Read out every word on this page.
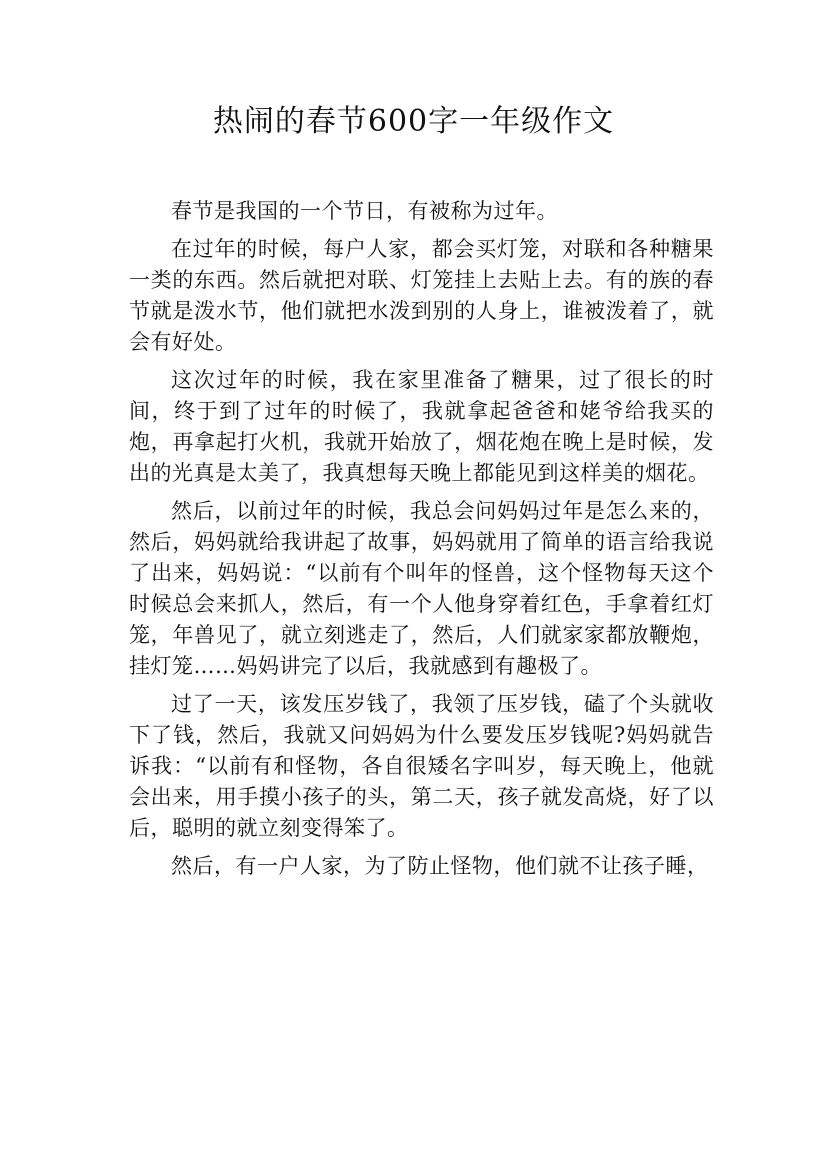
热闹的春节600字一年级作文

春节是我国的一个节日，有被称为过年。

在过年的时候，每户人家，都会买灯笼，对联和各种糖果一类的东西。然后就把对联、灯笼挂上去贴上去。有的族的春节就是泼水节，他们就把水泼到别的人身上，谁被泼着了，就会有好处。

这次过年的时候，我在家里准备了糖果，过了很长的时间，终于到了过年的时候了，我就拿起爸爸和姥爷给我买的炮，再拿起打火机，我就开始放了，烟花炮在晚上是时候，发出的光真是太美了，我真想每天晚上都能见到这样美的烟花。

然后，以前过年的时候，我总会问妈妈过年是怎么来的，然后，妈妈就给我讲起了故事，妈妈就用了简单的语言给我说了出来，妈妈说：“以前有个叫年的怪兽，这个怪物每天这个时候总会来抓人，然后，有一个人他身穿着红色，手拿着红灯笼，年兽见了，就立刻逃走了，然后，人们就家家都放鞭炮，挂灯笼……妈妈讲完了以后，我就感到有趣极了。

过了一天，该发压岁钱了，我领了压岁钱，磕了个头就收下了钱，然后，我就又问妈妈为什么要发压岁钱呢?妈妈就告诉我：“以前有和怪物，各自很矮名字叫岁，每天晚上，他就会出来，用手摸小孩子的头，第二天，孩子就发高烧，好了以后，聪明的就立刻变得笨了。

然后，有一户人家，为了防止怪物，他们就不让孩子睡，
